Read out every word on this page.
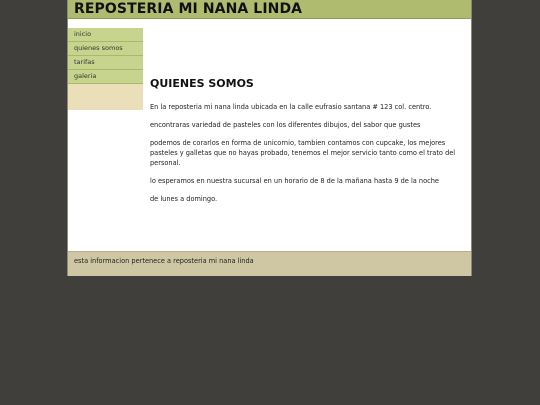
REPOSTERIA MI NANA LINDA
inicio
quienes somos
tarifas
galeria
QUIENES SOMOS

En la reposteria mi nana linda ubicada en la calle eufrasio santana # 123 col. centro.

encontraras variedad de pasteles con los diferentes dibujos, del sabor que gustes

podemos de corarlos en forma de unicornio, tambien contamos con cupcake, los mejores pasteles y galletas que no hayas probado, tenemos el mejor servicio tanto como el trato del personal.

lo esperamos en nuestra sucursal en un horario de 8 de la mañana hasta 9 de la noche

de lunes a domingo.

esta informacion pertenece a reposteria mi nana linda
